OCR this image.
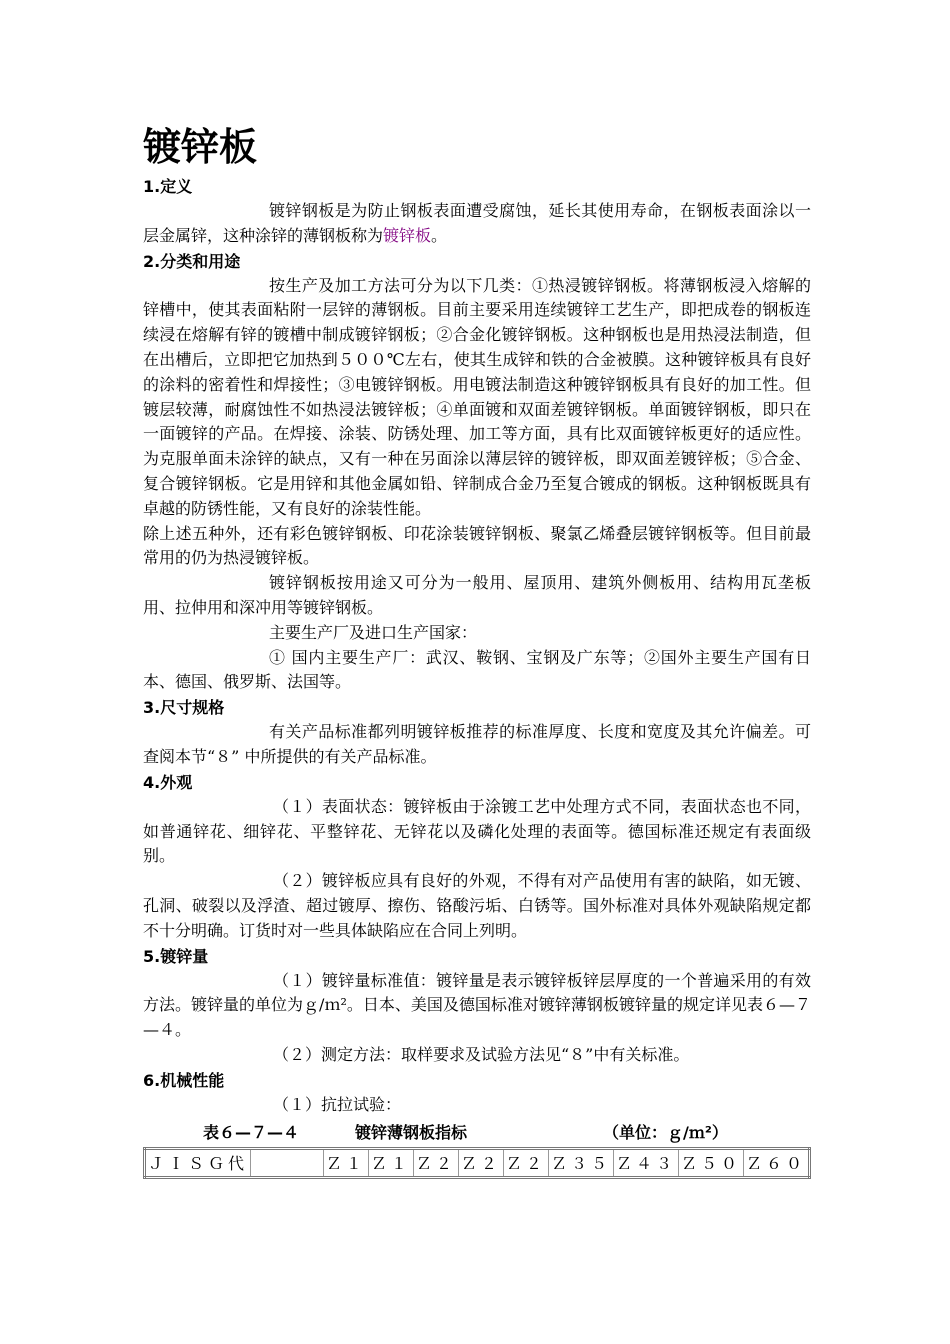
镀锌板
1.定义

镀锌钢板是为防止钢板表面遭受腐蚀，延长其使用寿命，在钢板表面涂以一层金属锌，这种涂锌的薄钢板称为镀锌板。

2.分类和用途

按生产及加工方法可分为以下几类：①热浸镀锌钢板。将薄钢板浸入熔解的锌槽中，使其表面粘附一层锌的薄钢板。目前主要采用连续镀锌工艺生产，即把成卷的钢板连续浸在熔解有锌的镀槽中制成镀锌钢板；②合金化镀锌钢板。这种钢板也是用热浸法制造，但在出槽后，立即把它加热到５００℃左右，使其生成锌和铁的合金被膜。这种镀锌板具有良好的涂料的密着性和焊接性；③电镀锌钢板。用电镀法制造这种镀锌钢板具有良好的加工性。但镀层较薄，耐腐蚀性不如热浸法镀锌板；④单面镀和双面差镀锌钢板。单面镀锌钢板，即只在一面镀锌的产品。在焊接、涂装、防锈处理、加工等方面，具有比双面镀锌板更好的适应性。为克服单面未涂锌的缺点，又有一种在另面涂以薄层锌的镀锌板，即双面差镀锌板；⑤合金、复合镀锌钢板。它是用锌和其他金属如铅、锌制成合金乃至复合镀成的钢板。这种钢板既具有卓越的防锈性能，又有良好的涂装性能。

除上述五种外，还有彩色镀锌钢板、印花涂装镀锌钢板、聚氯乙烯叠层镀锌钢板等。但目前最常用的仍为热浸镀锌板。

镀锌钢板按用途又可分为一般用、屋顶用、建筑外侧板用、结构用瓦垄板用、拉伸用和深冲用等镀锌钢板。

主要生产厂及进口生产国家：

① 国内主要生产厂：武汉、鞍钢、宝钢及广东等；②国外主要生产国有日本、德国、俄罗斯、法国等。

3.尺寸规格

有关产品标准都列明镀锌板推荐的标准厚度、长度和宽度及其允许偏差。可查阅本节“８” 中所提供的有关产品标准。

4.外观

（１）表面状态：镀锌板由于涂镀工艺中处理方式不同，表面状态也不同，如普通锌花、细锌花、平整锌花、无锌花以及磷化处理的表面等。德国标准还规定有表面级别。

（２）镀锌板应具有良好的外观，不得有对产品使用有害的缺陷，如无镀、孔洞、破裂以及浮渣、超过镀厚、擦伤、铬酸污垢、白锈等。国外标准对具体外观缺陷规定都不十分明确。订货时对一些具体缺陷应在合同上列明。

5.镀锌量

（１）镀锌量标准值：镀锌量是表示镀锌板锌层厚度的一个普遍采用的有效方法。镀锌量的单位为ｇ/ｍ²。日本、美国及德国标准对镀锌薄钢板镀锌量的规定详见表６—７—４。

（２）测定方法：取样要求及试验方法见“８”中有关标准。

6.机械性能

（１）抗拉试验：

表６—７—４	镀锌薄钢板指标	（单位：ｇ/ｍ²）
ＪＩＳＧ代		Ｚ１	Ｚ１	Ｚ２	Ｚ２	Ｚ２	Ｚ３５	Ｚ４３	Ｚ５０	Ｚ６０
